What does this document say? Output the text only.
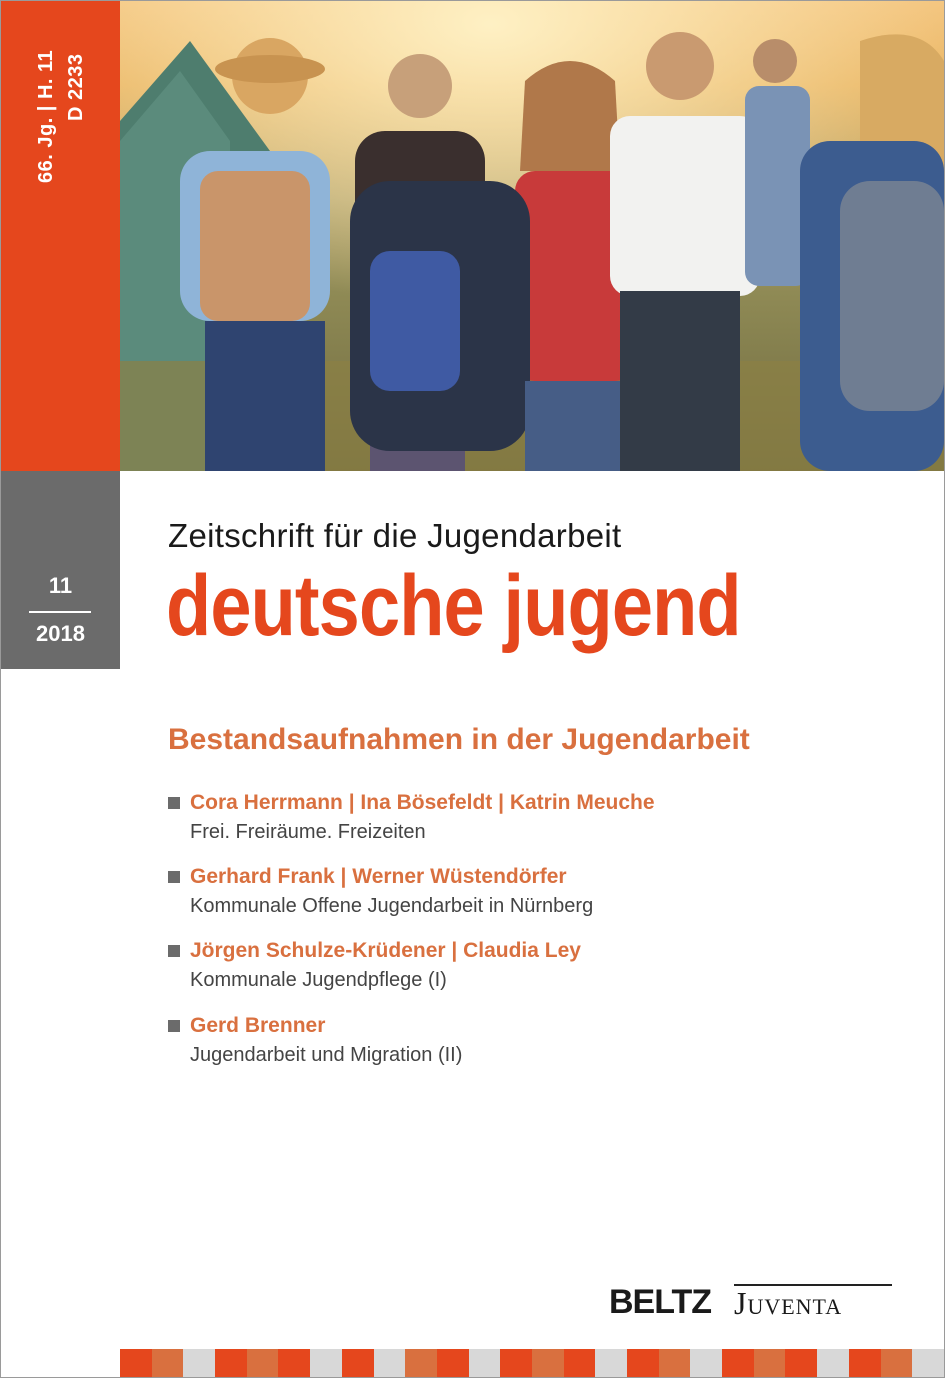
66. Jg. | H. 11 D 2233
11
2018
Zeitschrift für die Jugendarbeit
deutsche jugend
Bestandsaufnahmen in der Jugendarbeit
Cora Herrmann | Ina Bösefeldt | Katrin Meuche
Frei. Freiräume. Freizeiten
Gerhard Frank | Werner Wüstendörfer
Kommunale Offene Jugendarbeit in Nürnberg
Jörgen Schulze-Krüdener | Claudia Ley
Kommunale Jugendpflege (I)
Gerd Brenner
Jugendarbeit und Migration (II)
BELTZ Juventa
